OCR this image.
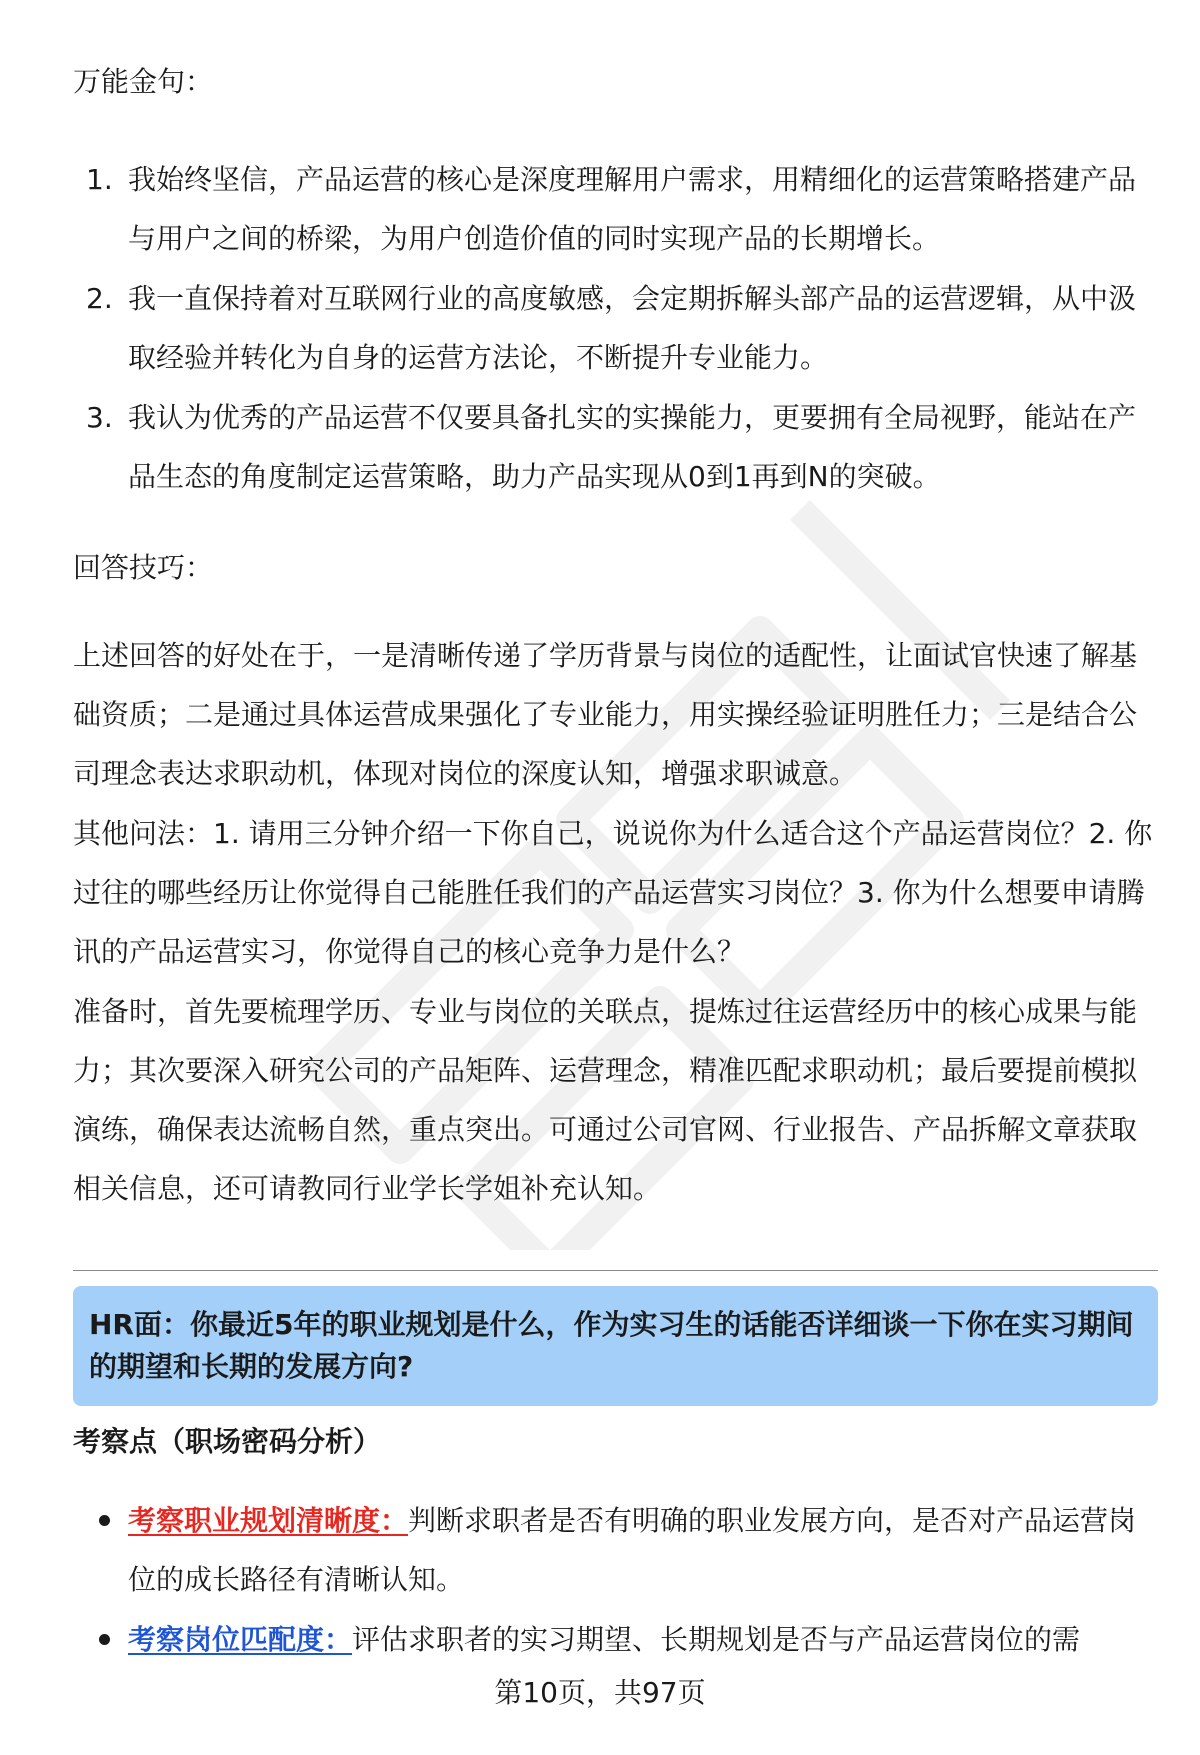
万能金句：

1. 我始终坚信，产品运营的核心是深度理解用户需求，用精细化的运营策略搭建产品与用户之间的桥梁，为用户创造价值的同时实现产品的长期增长。
2. 我一直保持着对互联网行业的高度敏感，会定期拆解头部产品的运营逻辑，从中汲取经验并转化为自身的运营方法论，不断提升专业能力。
3. 我认为优秀的产品运营不仅要具备扎实的实操能力，更要拥有全局视野，能站在产品生态的角度制定运营策略，助力产品实现从0到1再到N的突破。

回答技巧：

上述回答的好处在于，一是清晰传递了学历背景与岗位的适配性，让面试官快速了解基础资质；二是通过具体运营成果强化了专业能力，用实操经验证明胜任力；三是结合公司理念表达求职动机，体现对岗位的深度认知，增强求职诚意。

其他问法：1. 请用三分钟介绍一下你自己，说说你为什么适合这个产品运营岗位？2. 你过往的哪些经历让你觉得自己能胜任我们的产品运营实习岗位？3. 你为什么想要申请腾讯的产品运营实习，你觉得自己的核心竞争力是什么？

准备时，首先要梳理学历、专业与岗位的关联点，提炼过往运营经历中的核心成果与能力；其次要深入研究公司的产品矩阵、运营理念，精准匹配求职动机；最后要提前模拟演练，确保表达流畅自然，重点突出。可通过公司官网、行业报告、产品拆解文章获取相关信息，还可请教同行业学长学姐补充认知。

HR面：你最近5年的职业规划是什么，作为实习生的话能否详细谈一下你在实习期间的期望和长期的发展方向?

考察点（职场密码分析）

考察职业规划清晰度：判断求职者是否有明确的职业发展方向，是否对产品运营岗位的成长路径有清晰认知。
考察岗位匹配度：评估求职者的实习期望、长期规划是否与产品运营岗位的需
第10页，共97页
